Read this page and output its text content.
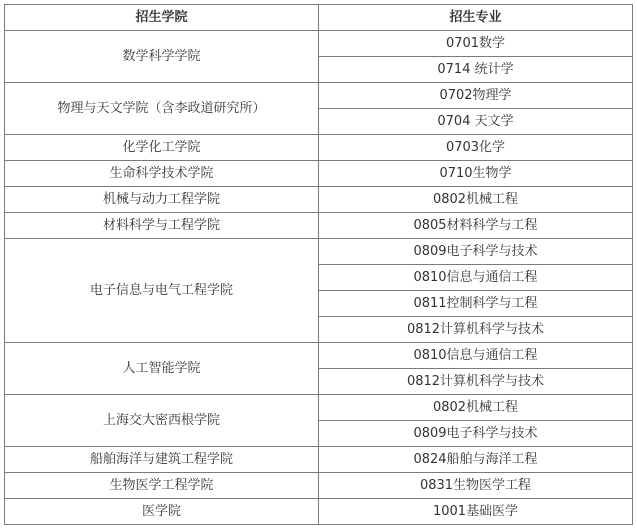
招生学院	招生专业
数学科学学院	0701数学
	0714 统计学
物理与天文学院（含李政道研究所）	0702物理学
	0704 天文学
化学化工学院	0703化学
生命科学技术学院	0710生物学
机械与动力工程学院	0802机械工程
材料科学与工程学院	0805材料科学与工程
电子信息与电气工程学院	0809电子科学与技术
	0810信息与通信工程
	0811控制科学与工程
	0812计算机科学与技术
人工智能学院	0810信息与通信工程
	0812计算机科学与技术
上海交大密西根学院	0802机械工程
	0809电子科学与技术
船舶海洋与建筑工程学院	0824船舶与海洋工程
生物医学工程学院	0831生物医学工程
医学院	1001基础医学
